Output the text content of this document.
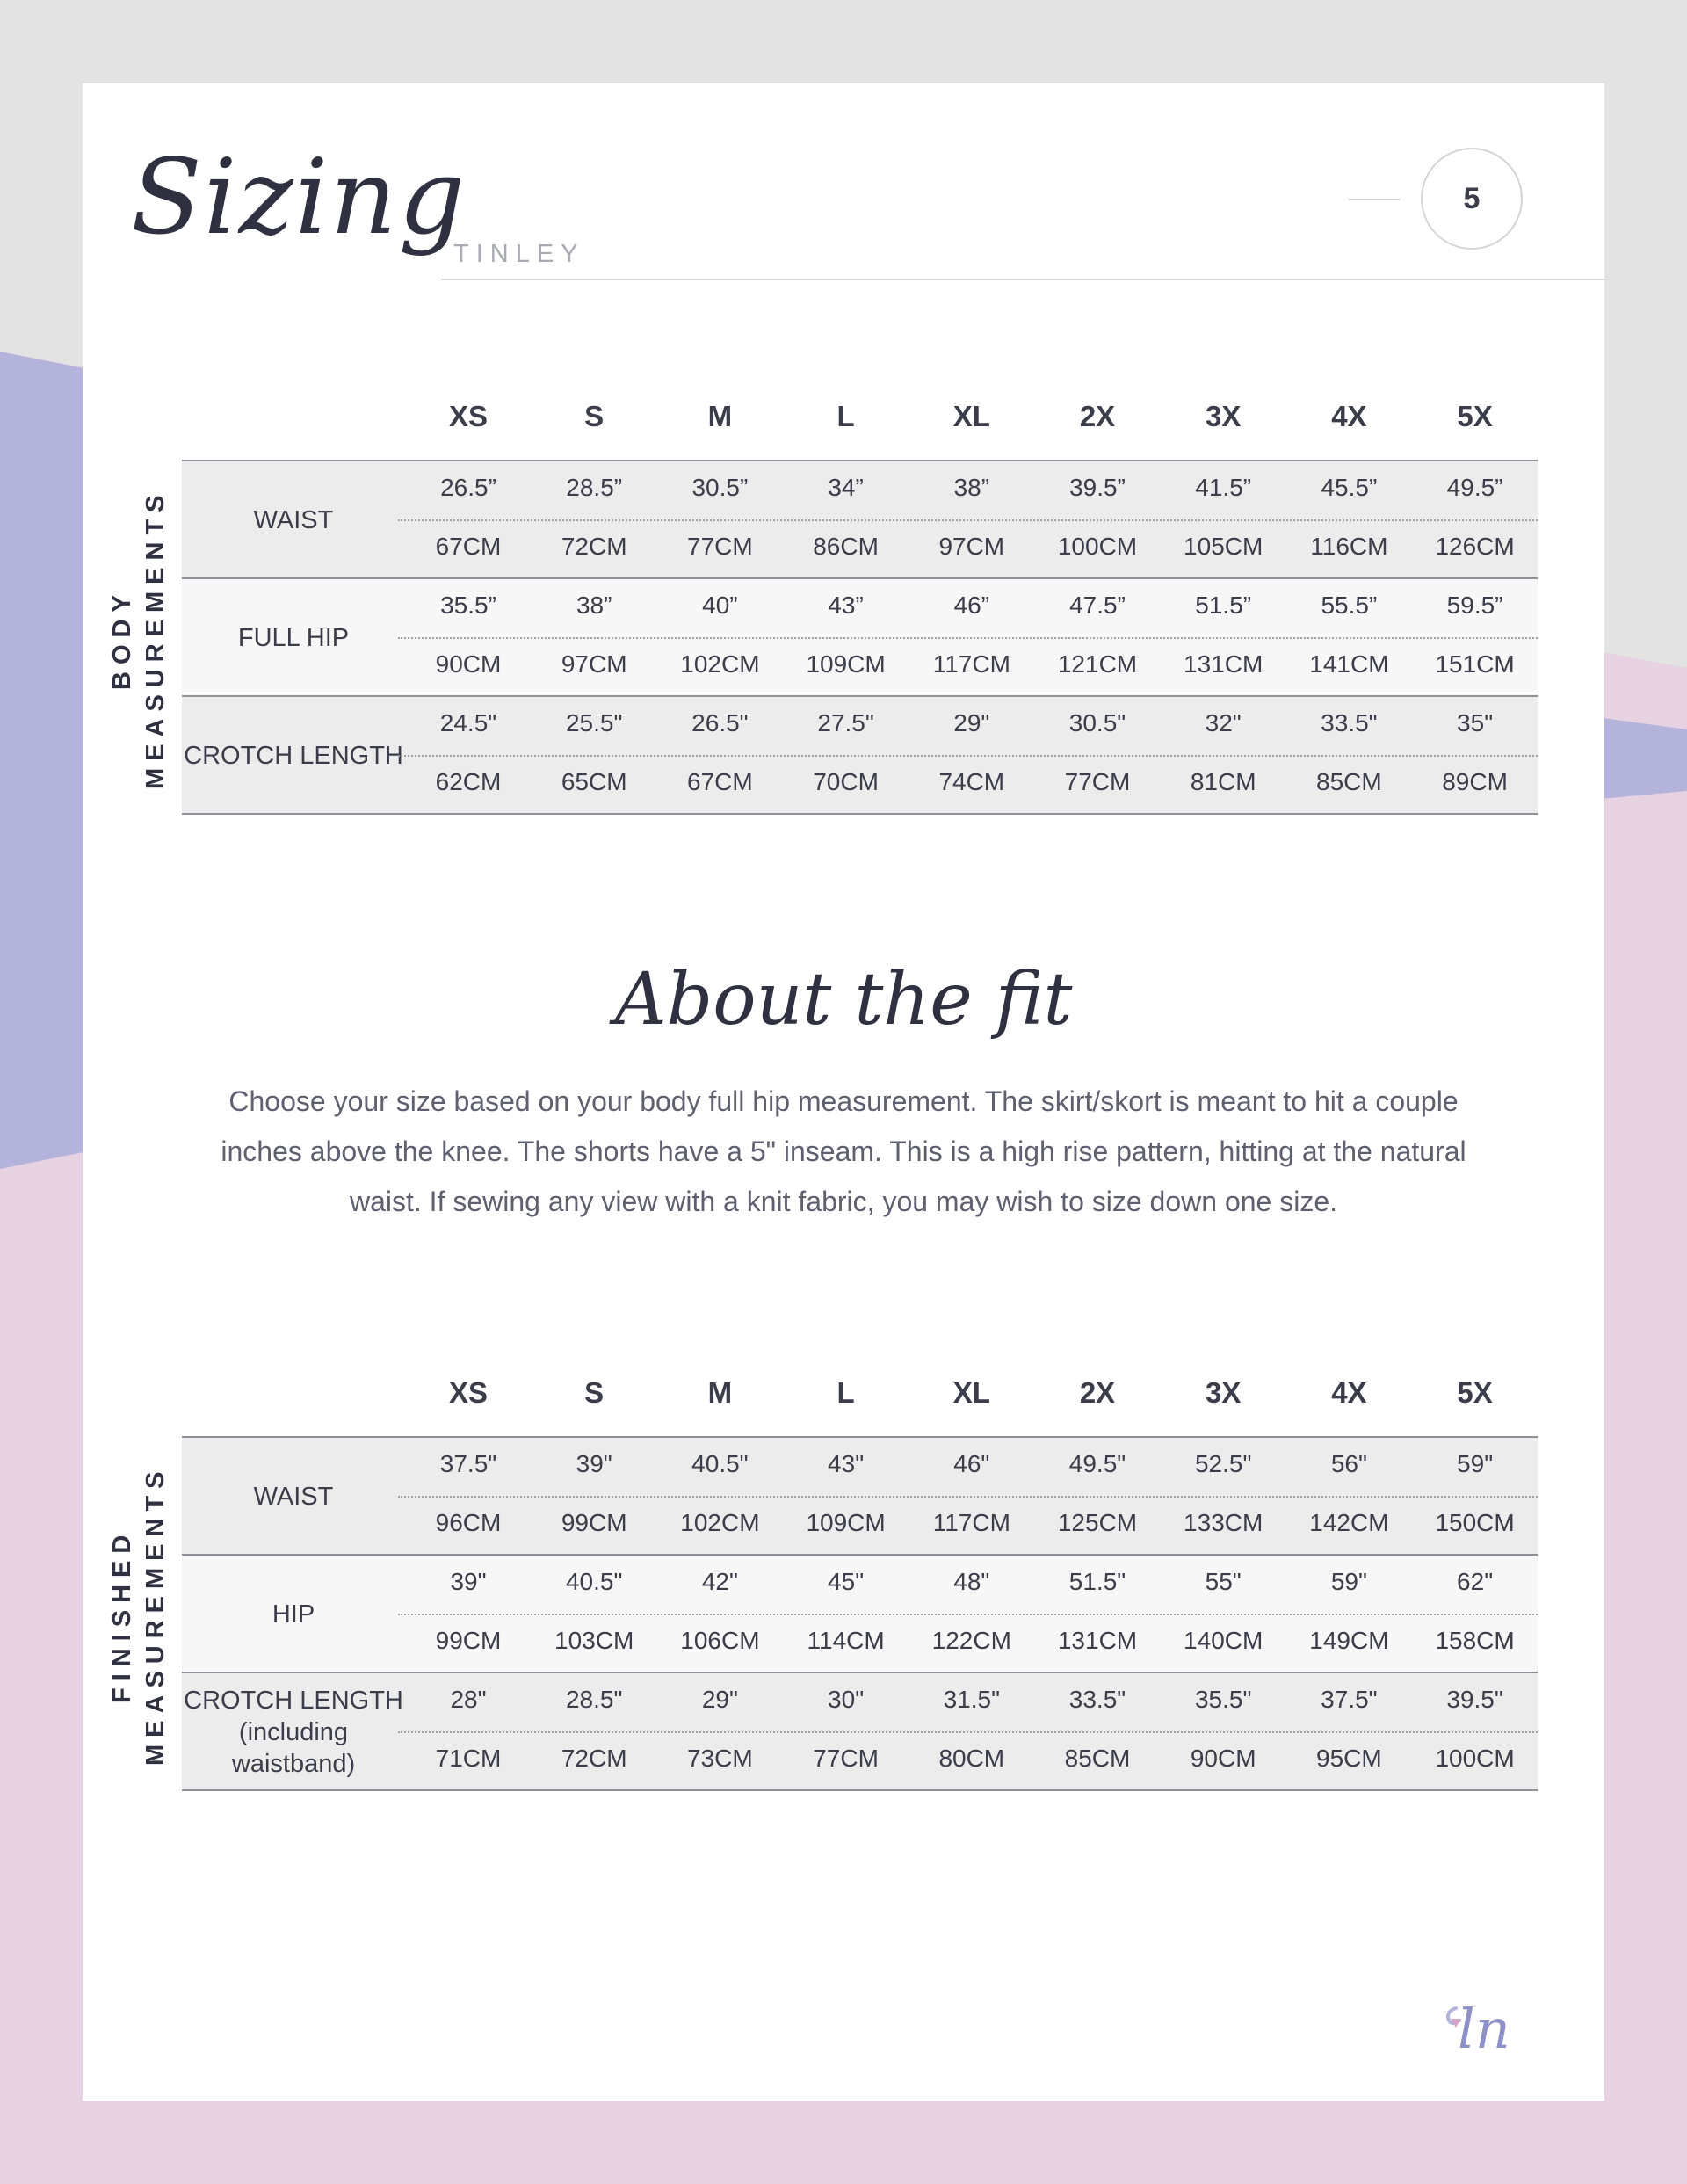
Sizing
TINLEY
5
XS	S	M	L	XL	2X	3X	4X	5X
BODY MEASUREMENTS	WAIST
26.5”	28.5”	30.5”	34”	38”	39.5”	41.5”	45.5”	49.5”
67CM	72CM	77CM	86CM	97CM	100CM	105CM	116CM	126CM
FULL HIP
35.5”	38”	40”	43”	46”	47.5”	51.5”	55.5”	59.5”
90CM	97CM	102CM	109CM	117CM	121CM	131CM	141CM	151CM
CROTCH LENGTH
24.5"	25.5"	26.5"	27.5"	29"	30.5"	32"	33.5"	35"
62CM	65CM	67CM	70CM	74CM	77CM	81CM	85CM	89CM
About the fit
Choose your size based on your body full hip measurement. The skirt/skort is meant to hit a couple inches above the knee. The shorts have a 5" inseam. This is a high rise pattern, hitting at the natural waist. If sewing any view with a knit fabric, you may wish to size down one size.
XS	S	M	L	XL	2X	3X	4X	5X
FINISHED MEASUREMENTS	WAIST
37.5"	39"	40.5"	43"	46"	49.5"	52.5"	56"	59"
96CM	99CM	102CM	109CM	117CM	125CM	133CM	142CM	150CM
HIP
39"	40.5"	42"	45"	48"	51.5"	55"	59"	62"
99CM	103CM	106CM	114CM	122CM	131CM	140CM	149CM	158CM
CROTCH LENGTH (including waistband)
28"	28.5"	29"	30"	31.5"	33.5"	35.5"	37.5"	39.5"
71CM	72CM	73CM	77CM	80CM	85CM	90CM	95CM	100CM
ln
